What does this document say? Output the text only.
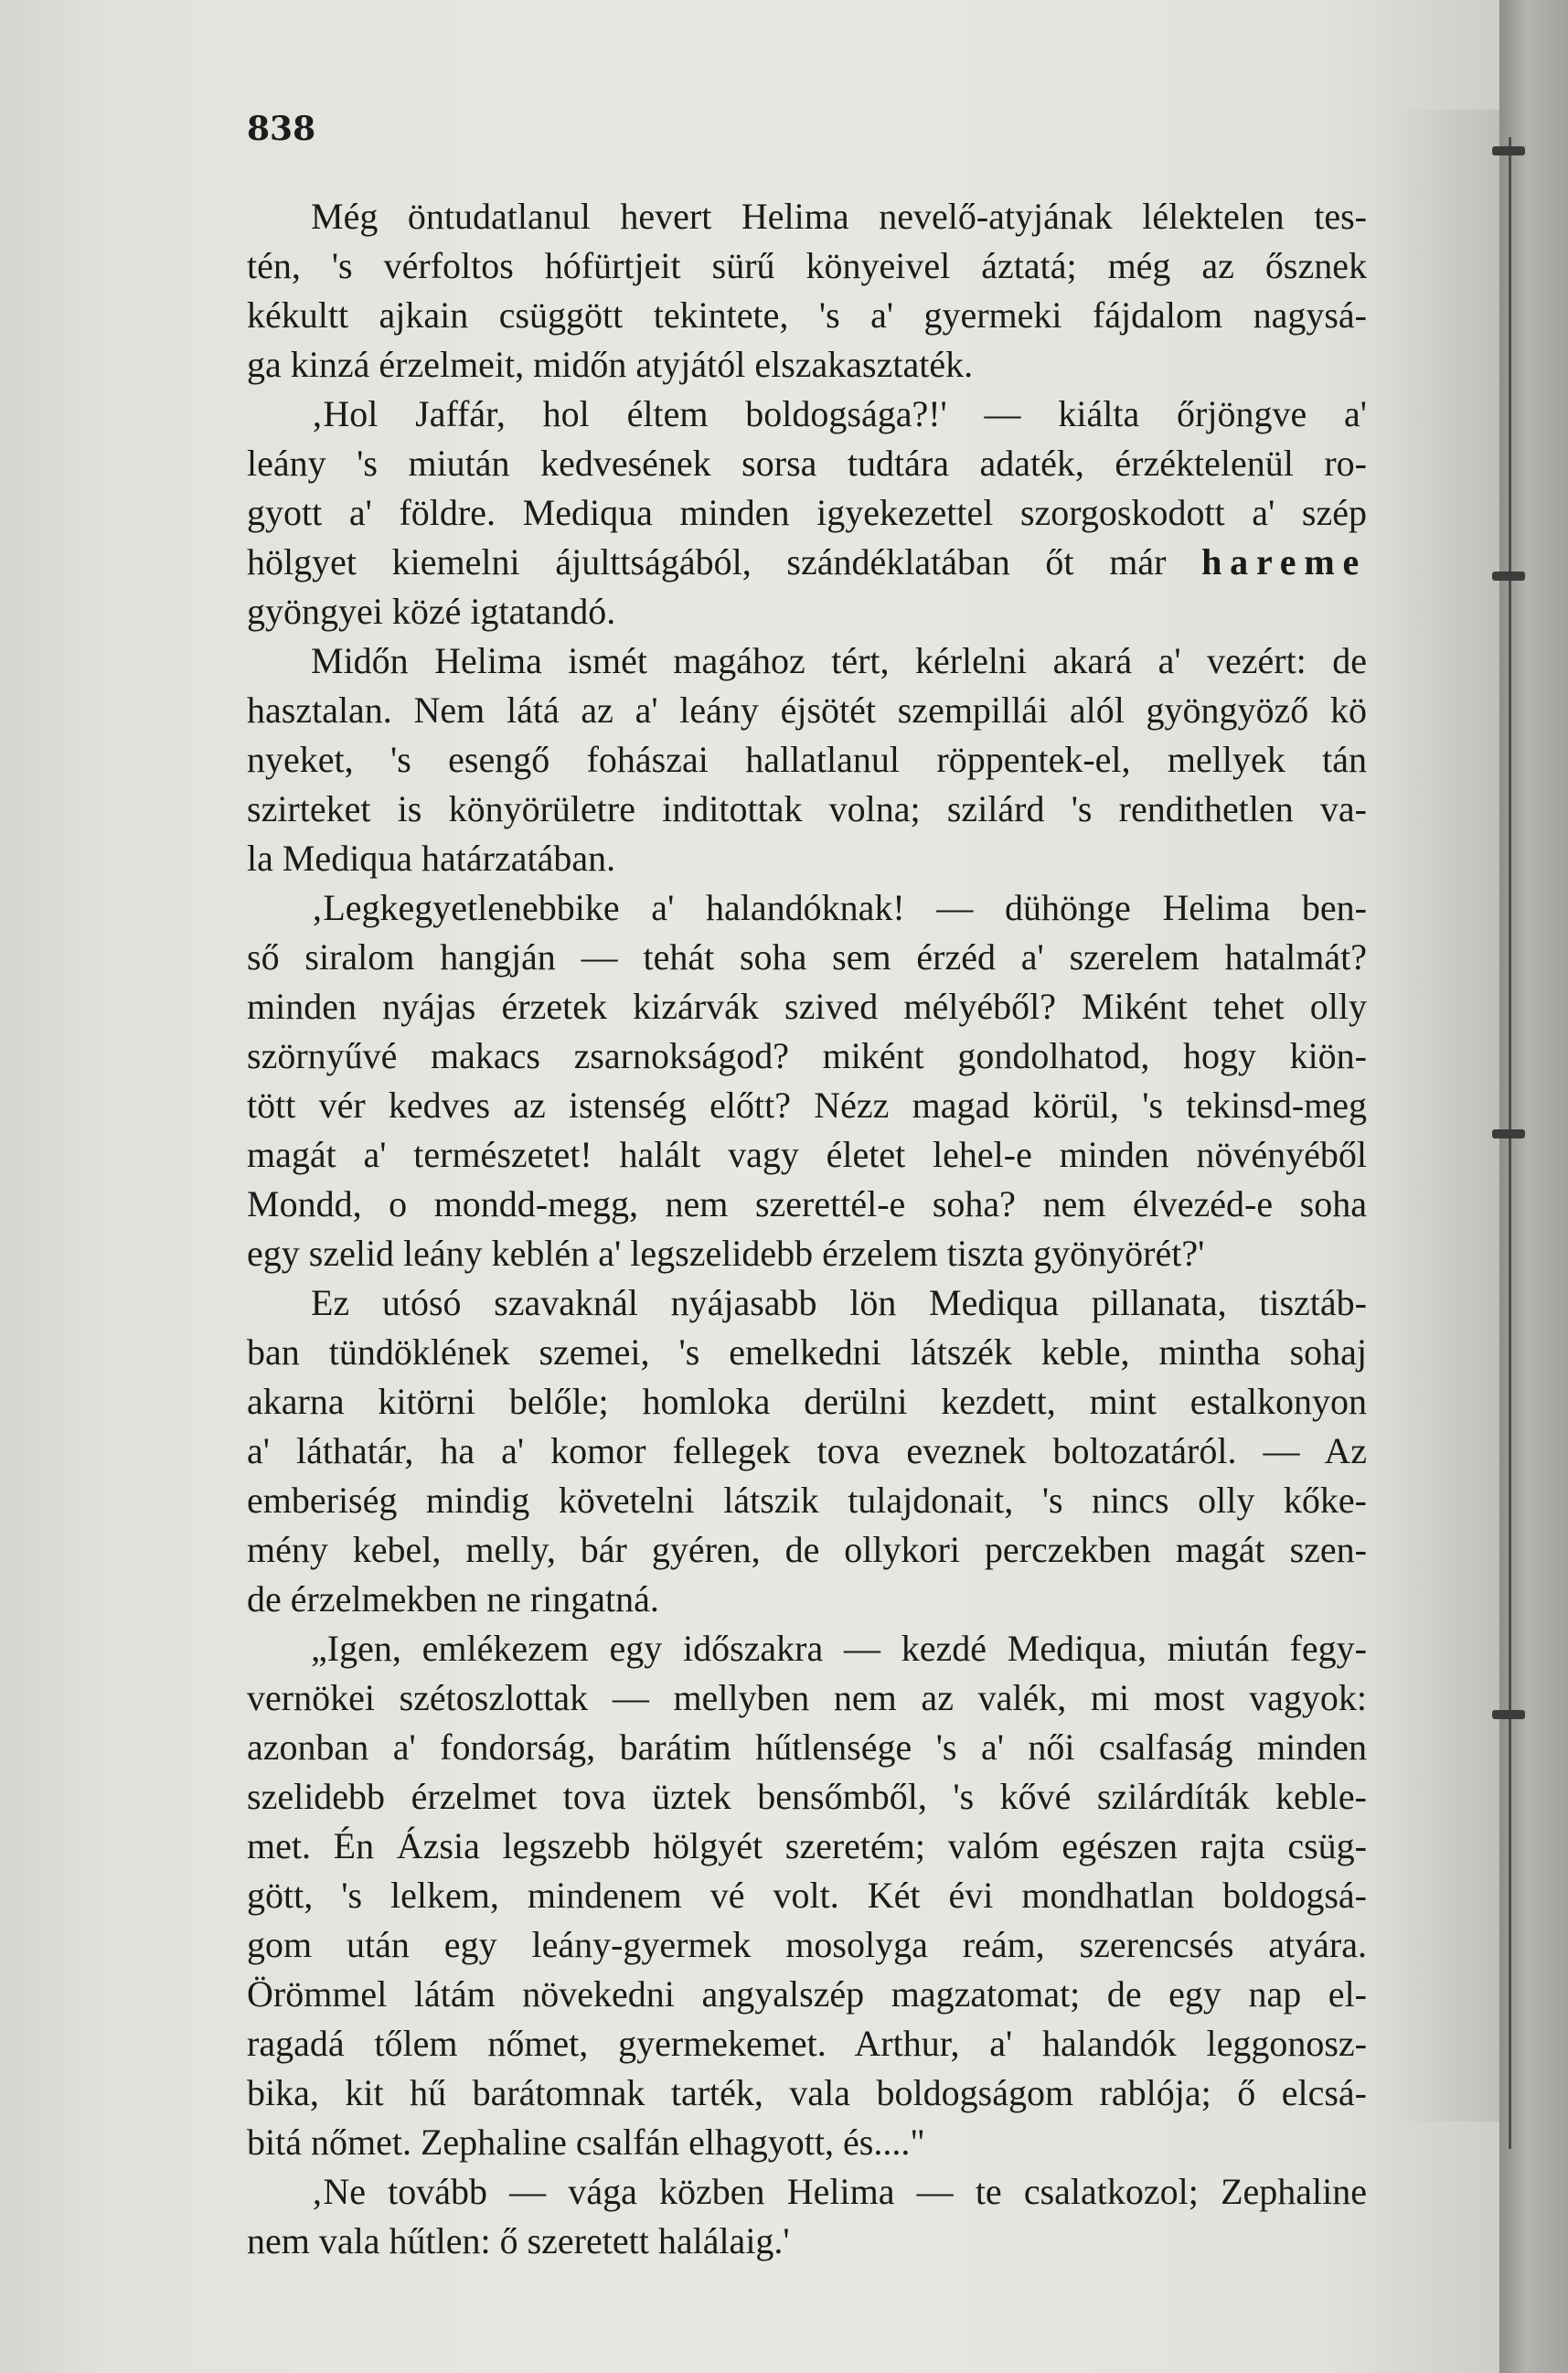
838
Még öntudatlanul hevert Helima nevelő-atyjának lélektelen tes-
tén, 's vérfoltos hófürtjeit sürű könyeivel áztatá; még az ősznek
kékultt ajkain csüggött tekintete, 's a' gyermeki fájdalom nagysá-
ga kinzá érzelmeit, midőn atyjától elszakasztaték.
‚Hol Jaffár, hol éltem boldogsága?!' — kiálta őrjöngve a'
leány 's miután kedvesének sorsa tudtára adaték, érzéktelenül ro-
gyott a' földre. Mediqua minden igyekezettel szorgoskodott a' szép
hölgyet kiemelni ájulttságából, szándéklatában őt már hareme
gyöngyei közé igtatandó.
Midőn Helima ismét magához tért, kérlelni akará a' vezért: de
hasztalan. Nem látá az a' leány éjsötét szempillái alól gyöngyöző kö
nyeket, 's esengő fohászai hallatlanul röppentek-el, mellyek tán
szirteket is könyörületre inditottak volna; szilárd 's rendithetlen va-
la Mediqua határzatában.
‚Legkegyetlenebbike a' halandóknak! — dühönge Helima ben-
ső siralom hangján — tehát soha sem érzéd a' szerelem hatalmát?
minden nyájas érzetek kizárvák szived mélyéből? Miként tehet olly
szörnyűvé makacs zsarnokságod? miként gondolhatod, hogy kiön-
tött vér kedves az istenség előtt? Nézz magad körül, 's tekinsd-meg
magát a' természetet! halált vagy életet lehel-e minden növényéből
Mondd, o mondd-megg, nem szerettél-e soha? nem élvezéd-e soha
egy szelid leány keblén a' legszelidebb érzelem tiszta gyönyörét?'
Ez utósó szavaknál nyájasabb lön Mediqua pillanata, tisztáb-
ban tündöklének szemei, 's emelkedni látszék keble, mintha sohaj
akarna kitörni belőle; homloka derülni kezdett, mint estalkonyon
a' láthatár, ha a' komor fellegek tova eveznek boltozatáról. — Az
emberiség mindig követelni látszik tulajdonait, 's nincs olly kőke-
mény kebel, melly, bár gyéren, de ollykori perczekben magát szen-
de érzelmekben ne ringatná.
„Igen, emlékezem egy időszakra — kezdé Mediqua, miután fegy-
vernökei szétoszlottak — mellyben nem az valék, mi most vagyok:
azonban a' fondorság, barátim hűtlensége 's a' női csalfaság minden
szelidebb érzelmet tova üztek bensőmből, 's kővé szilárdíták keble-
met. Én Ázsia legszebb hölgyét szeretém; valóm egészen rajta csüg-
gött, 's lelkem, mindenem vé volt. Két évi mondhatlan boldogsá-
gom után egy leány-gyermek mosolyga reám, szerencsés atyára.
Örömmel látám növekedni angyalszép magzatomat; de egy nap el-
ragadá tőlem nőmet, gyermekemet. Arthur, a' halandók leggonosz-
bika, kit hű barátomnak tarték, vala boldogságom rablója; ő elcsá-
bitá nőmet. Zephaline csalfán elhagyott, és...."
‚Ne tovább — vága közben Helima — te csalatkozol; Zephaline
nem vala hűtlen: ő szeretett halálaig.'
